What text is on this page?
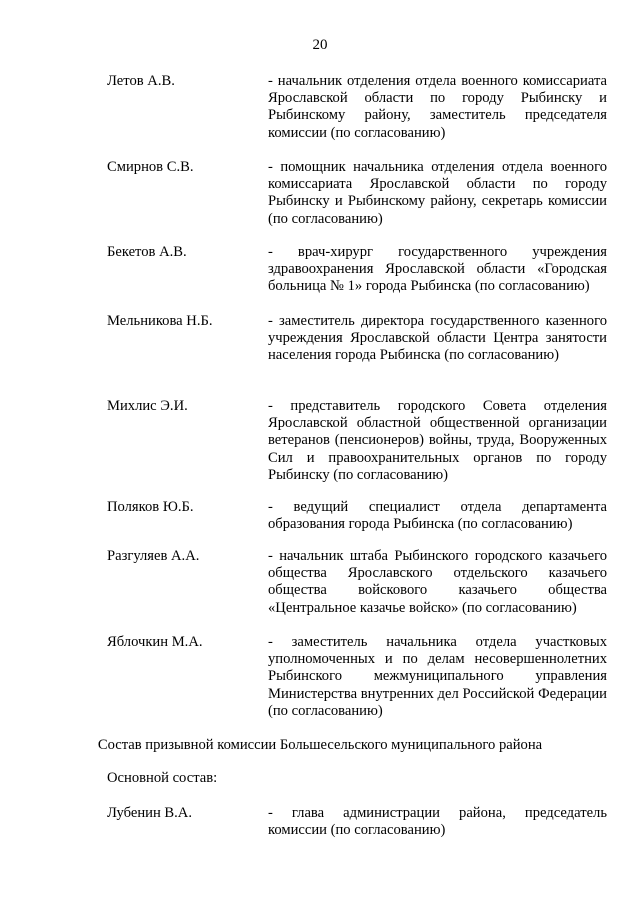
20
Летов А.В.	- начальник отделения отдела военного комиссариата Ярославской области по городу Рыбинску и Рыбинскому району, заместитель председателя комиссии (по согласованию)
Смирнов С.В.	- помощник начальника отделения отдела военного комиссариата Ярославской области по городу Рыбинску и Рыбинскому району, секретарь комиссии (по согласованию)
Бекетов А.В.	- врач-хирург государственного учреждения здравоохранения Ярославской области «Городская больница № 1» города Рыбинска (по согласованию)
Мельникова Н.Б.	- заместитель директора государственного казенного учреждения Ярославской области Центра занятости населения города Рыбинска (по согласованию)
Михлис Э.И.	- представитель городского Совета отделения Ярославской областной общественной организации ветеранов (пенсионеров) войны, труда, Вооруженных Сил и правоохранительных органов по городу Рыбинску (по согласованию)
Поляков Ю.Б.	- ведущий специалист отдела департамента образования города Рыбинска (по согласованию)
Разгуляев А.А.	- начальник штаба Рыбинского городского казачьего общества Ярославского отдельского казачьего общества войскового казачьего общества «Центральное казачье войско» (по согласованию)
Яблочкин М.А.	- заместитель начальника отдела участковых уполномоченных и по делам несовершеннолетних Рыбинского межмуниципального управления Министерства внутренних дел Российской Федерации (по согласованию)
Состав призывной комиссии Большесельского муниципального района
Основной состав:
Лубенин В.А.	- глава администрации района, председатель комиссии (по согласованию)
